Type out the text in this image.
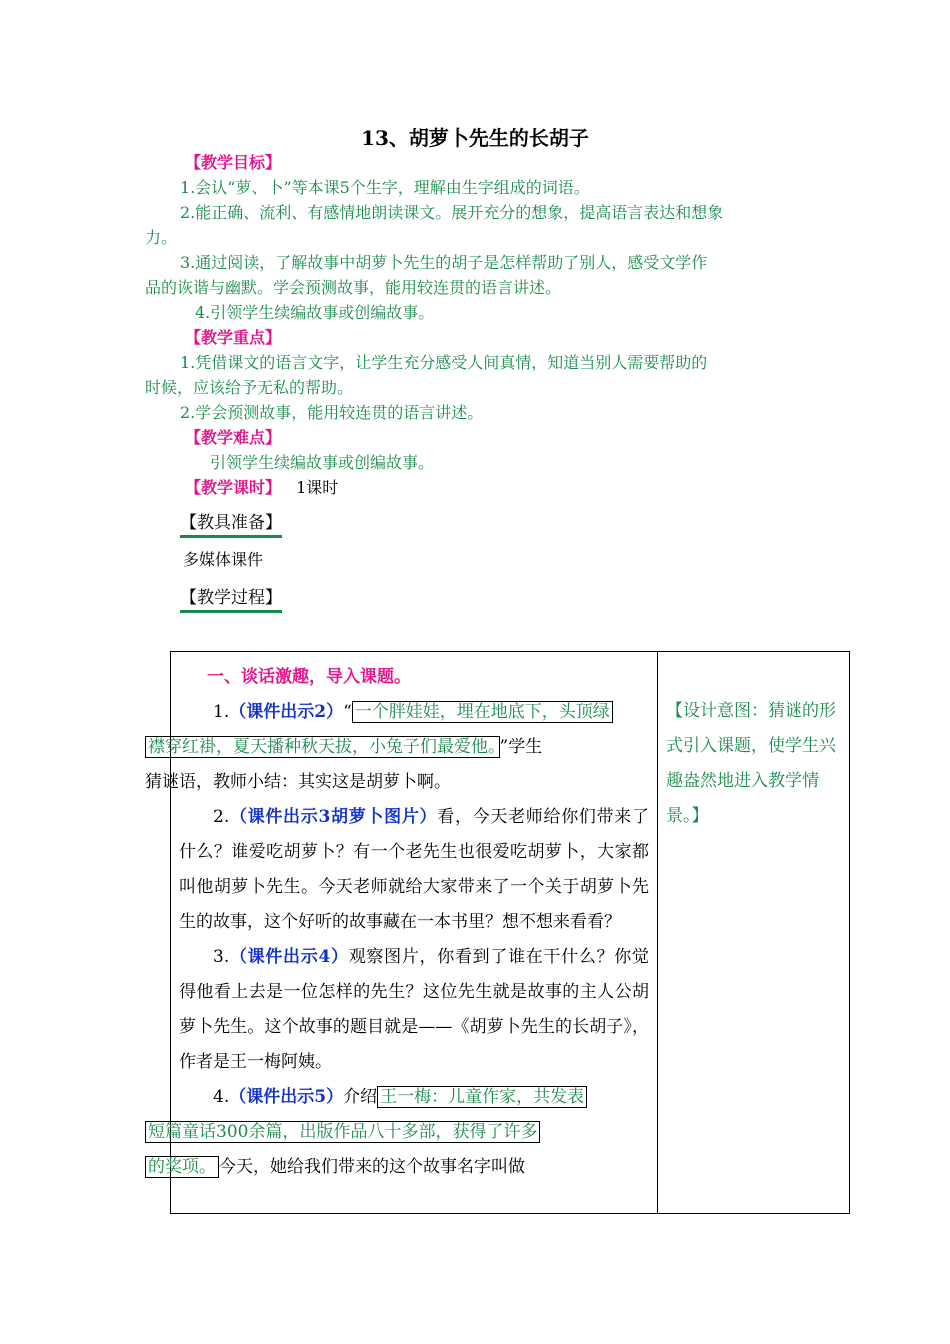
13、胡萝卜先生的长胡子

【教学目标】

1.会认“萝、卜”等本课5个生字，理解由生字组成的词语。

2.能正确、流利、有感情地朗读课文。展开充分的想象，提高语言表达和想象

力。

3.通过阅读，了解故事中胡萝卜先生的胡子是怎样帮助了别人，感受文学作

品的诙谐与幽默。学会预测故事，能用较连贯的语言讲述。

4.引领学生续编故事或创编故事。

【教学重点】

1.凭借课文的语言文字，让学生充分感受人间真情，知道当别人需要帮助的

时候，应该给予无私的帮助。

2.学会预测故事，能用较连贯的语言讲述。

【教学难点】

引领学生续编故事或创编故事。

【教学课时】 1课时

【教具准备】
多媒体课件
【教学过程】

一、谈话激趣，导入课题。

1.（课件出示2）“ 一个胖娃娃，埋在地底下，头顶绿
襟穿红褂，夏天播种秋天拔，小兔子们最爱他。 ”学生
猜谜语，教师小结：其实这是胡萝卜啊。

2.（课件出示3胡萝卜图片）看，今天老师给你们带来了什么？谁爱吃胡萝卜？有一个老先生也很爱吃胡萝卜，大家都叫他胡萝卜先生。今天老师就给大家带来了一个关于胡萝卜先生的故事，这个好听的故事藏在一本书里？想不想来看看？

3.（课件出示4）观察图片，你看到了谁在干什么？你觉得他看上去是一位怎样的先生？这位先生就是故事的主人公胡萝卜先生。这个故事的题目就是——《胡萝卜先生的长胡子》，作者是王一梅阿姨。

4.（课件出示5）介绍 王一梅：儿童作家，共发表
短篇童话300余篇，出版作品八十多部，获得了许多
的奖项。 今天，她给我们带来的这个故事名字叫做

【设计意图：猜谜的形式引入课题，使学生兴趣盎然地进入教学情景。】
